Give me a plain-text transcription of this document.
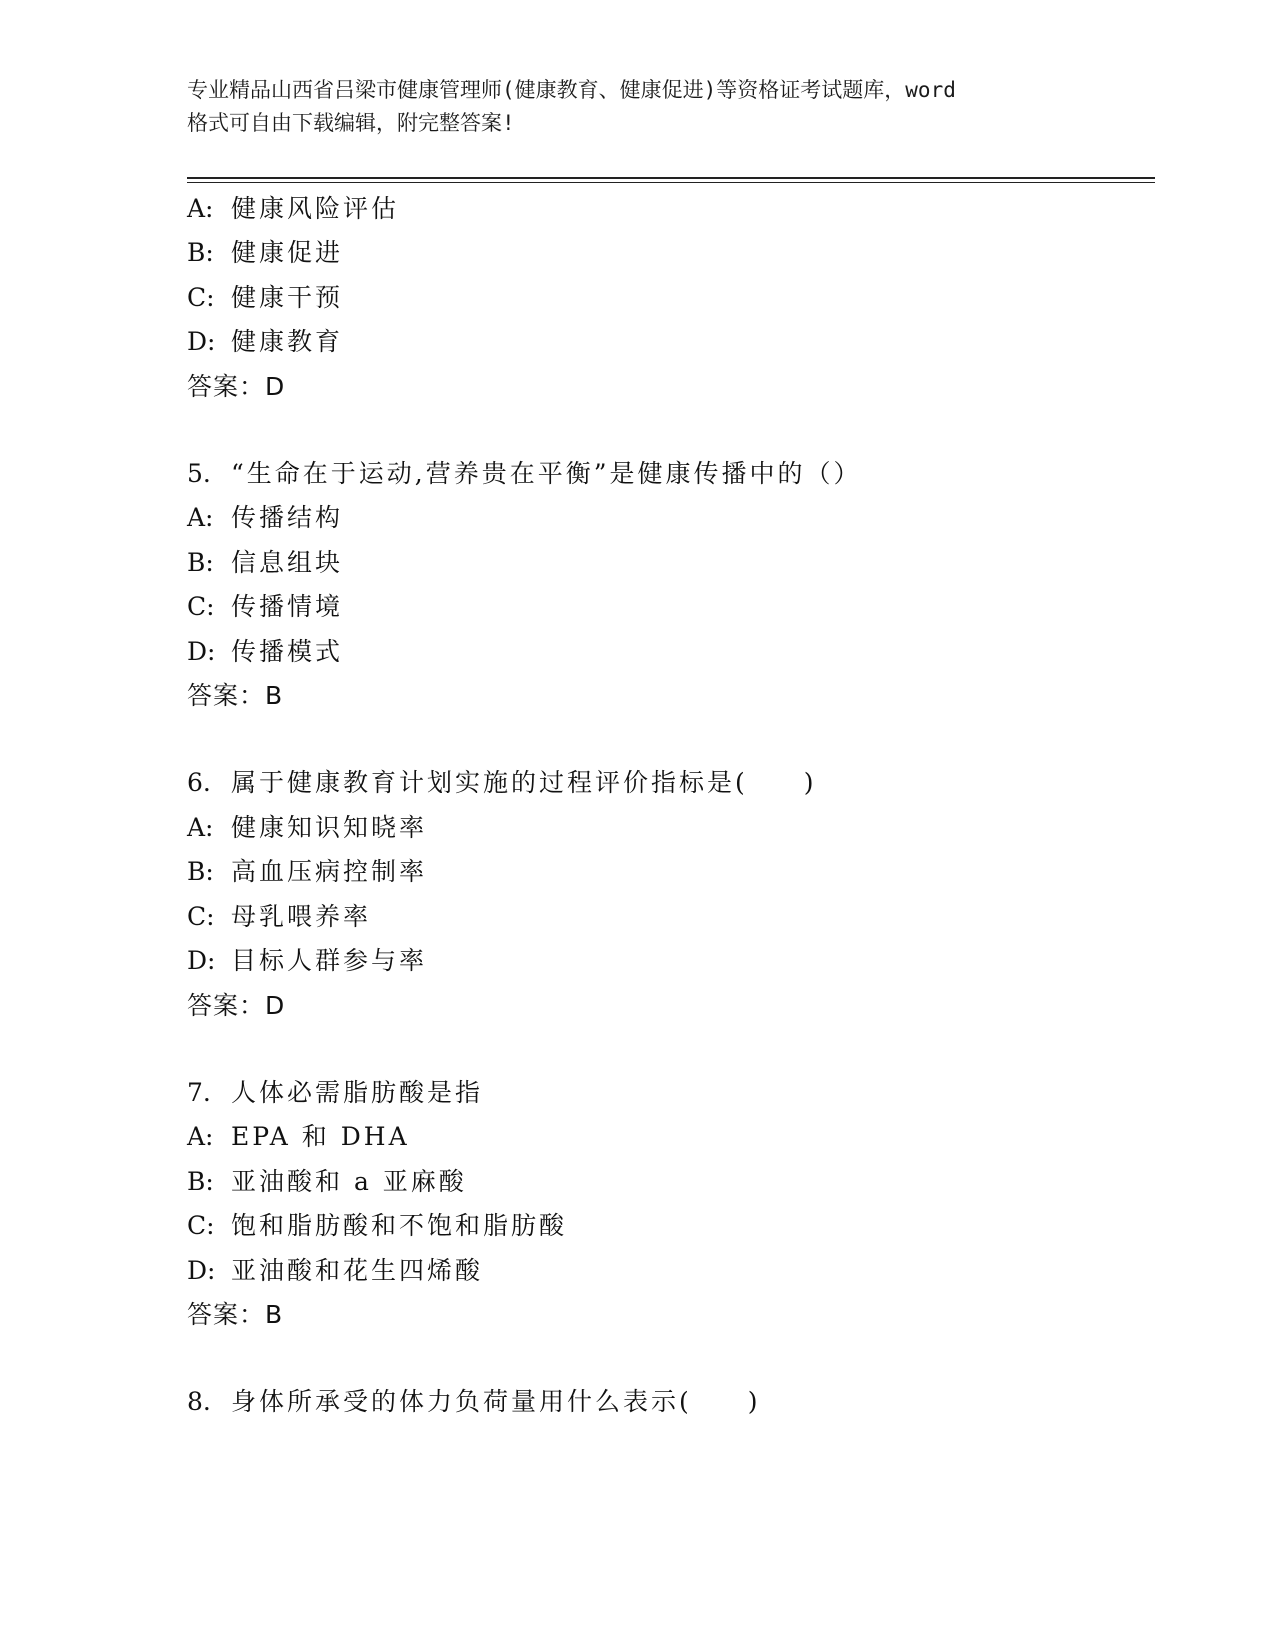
专业精品山西省吕梁市健康管理师(健康教育、健康促进)等资格证考试题库，word
格式可自由下载编辑，附完整答案!
A: 健康风险评估
B: 健康促进
C: 健康干预
D: 健康教育
答案：D
5. “生命在于运动,营养贵在平衡”是健康传播中的（）
A: 传播结构
B: 信息组块
C: 传播情境
D: 传播模式
答案：B
6. 属于健康教育计划实施的过程评价指标是(　　)
A: 健康知识知晓率
B: 高血压病控制率
C: 母乳喂养率
D: 目标人群参与率
答案：D
7. 人体必需脂肪酸是指
A: EPA 和 DHA
B: 亚油酸和 a 亚麻酸
C: 饱和脂肪酸和不饱和脂肪酸
D: 亚油酸和花生四烯酸
答案：B
8. 身体所承受的体力负荷量用什么表示(　　)
